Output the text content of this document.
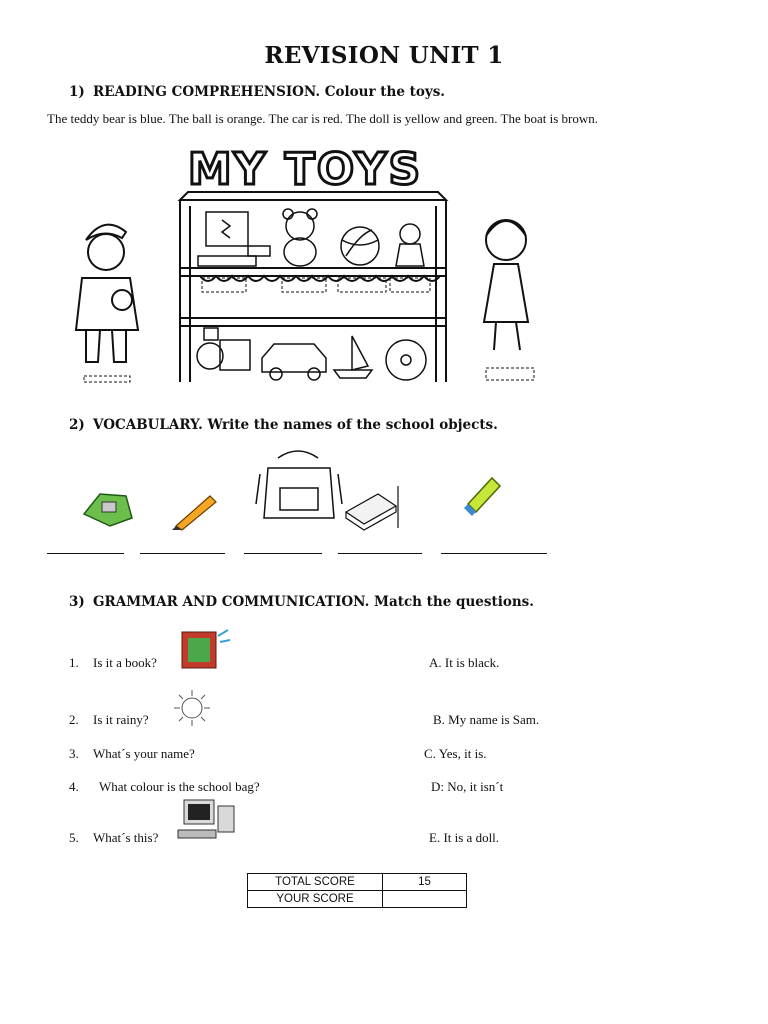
REVISION UNIT 1
1) READING COMPREHENSION. Colour the toys.
The teddy bear is blue. The ball is orange. The car is red. The doll is yellow and green. The boat is brown.
MY TOYS
2) VOCABULARY. Write the names of the school objects.
3) GRAMMAR AND COMMUNICATION. Match the questions.
1. Is it a book?
2. Is it rainy?
3. What´s your name?
4. What colour is the school bag?
5. What´s this?
A. It is black.
B. My name is Sam.
C. Yes, it is.
D: No, it isn´t
E. It is a doll.
TOTAL SCORE	15
YOUR SCORE	
